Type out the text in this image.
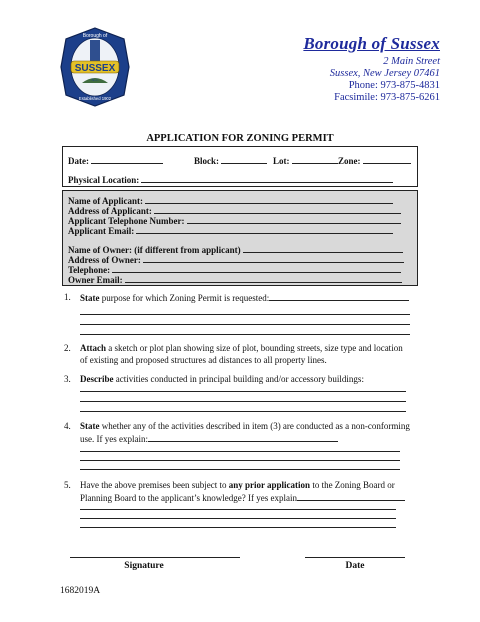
SUSSEX
Borough of
N.J.
Established 1902
Borough of Sussex
2 Main Street
Sussex, New Jersey 07461
Phone: 973-875-4831
Facsimile: 973-875-6261
APPLICATION FOR ZONING PERMIT
Date:	Block:	Lot:	Zone:
Physical Location:
Name of Applicant:
Address of Applicant:
Applicant Telephone Number:
Applicant Email:
Name of Owner: (if different from applicant)
Address of Owner:
Telephone:
Owner Email:
1. State purpose for which Zoning Permit is requested:
2. Attach a sketch or plot plan showing size of plot, bounding streets, size type and location of existing and proposed structures ad distances to all property lines.
3. Describe activities conducted in principal building and/or accessory buildings:
4. State whether any of the activities described in item (3) are conducted as a non-conforming use. If yes explain:
5. Have the above premises been subject to any prior application to the Zoning Board or Planning Board to the applicant’s knowledge? If yes explain
Signature	Date
1682019A
